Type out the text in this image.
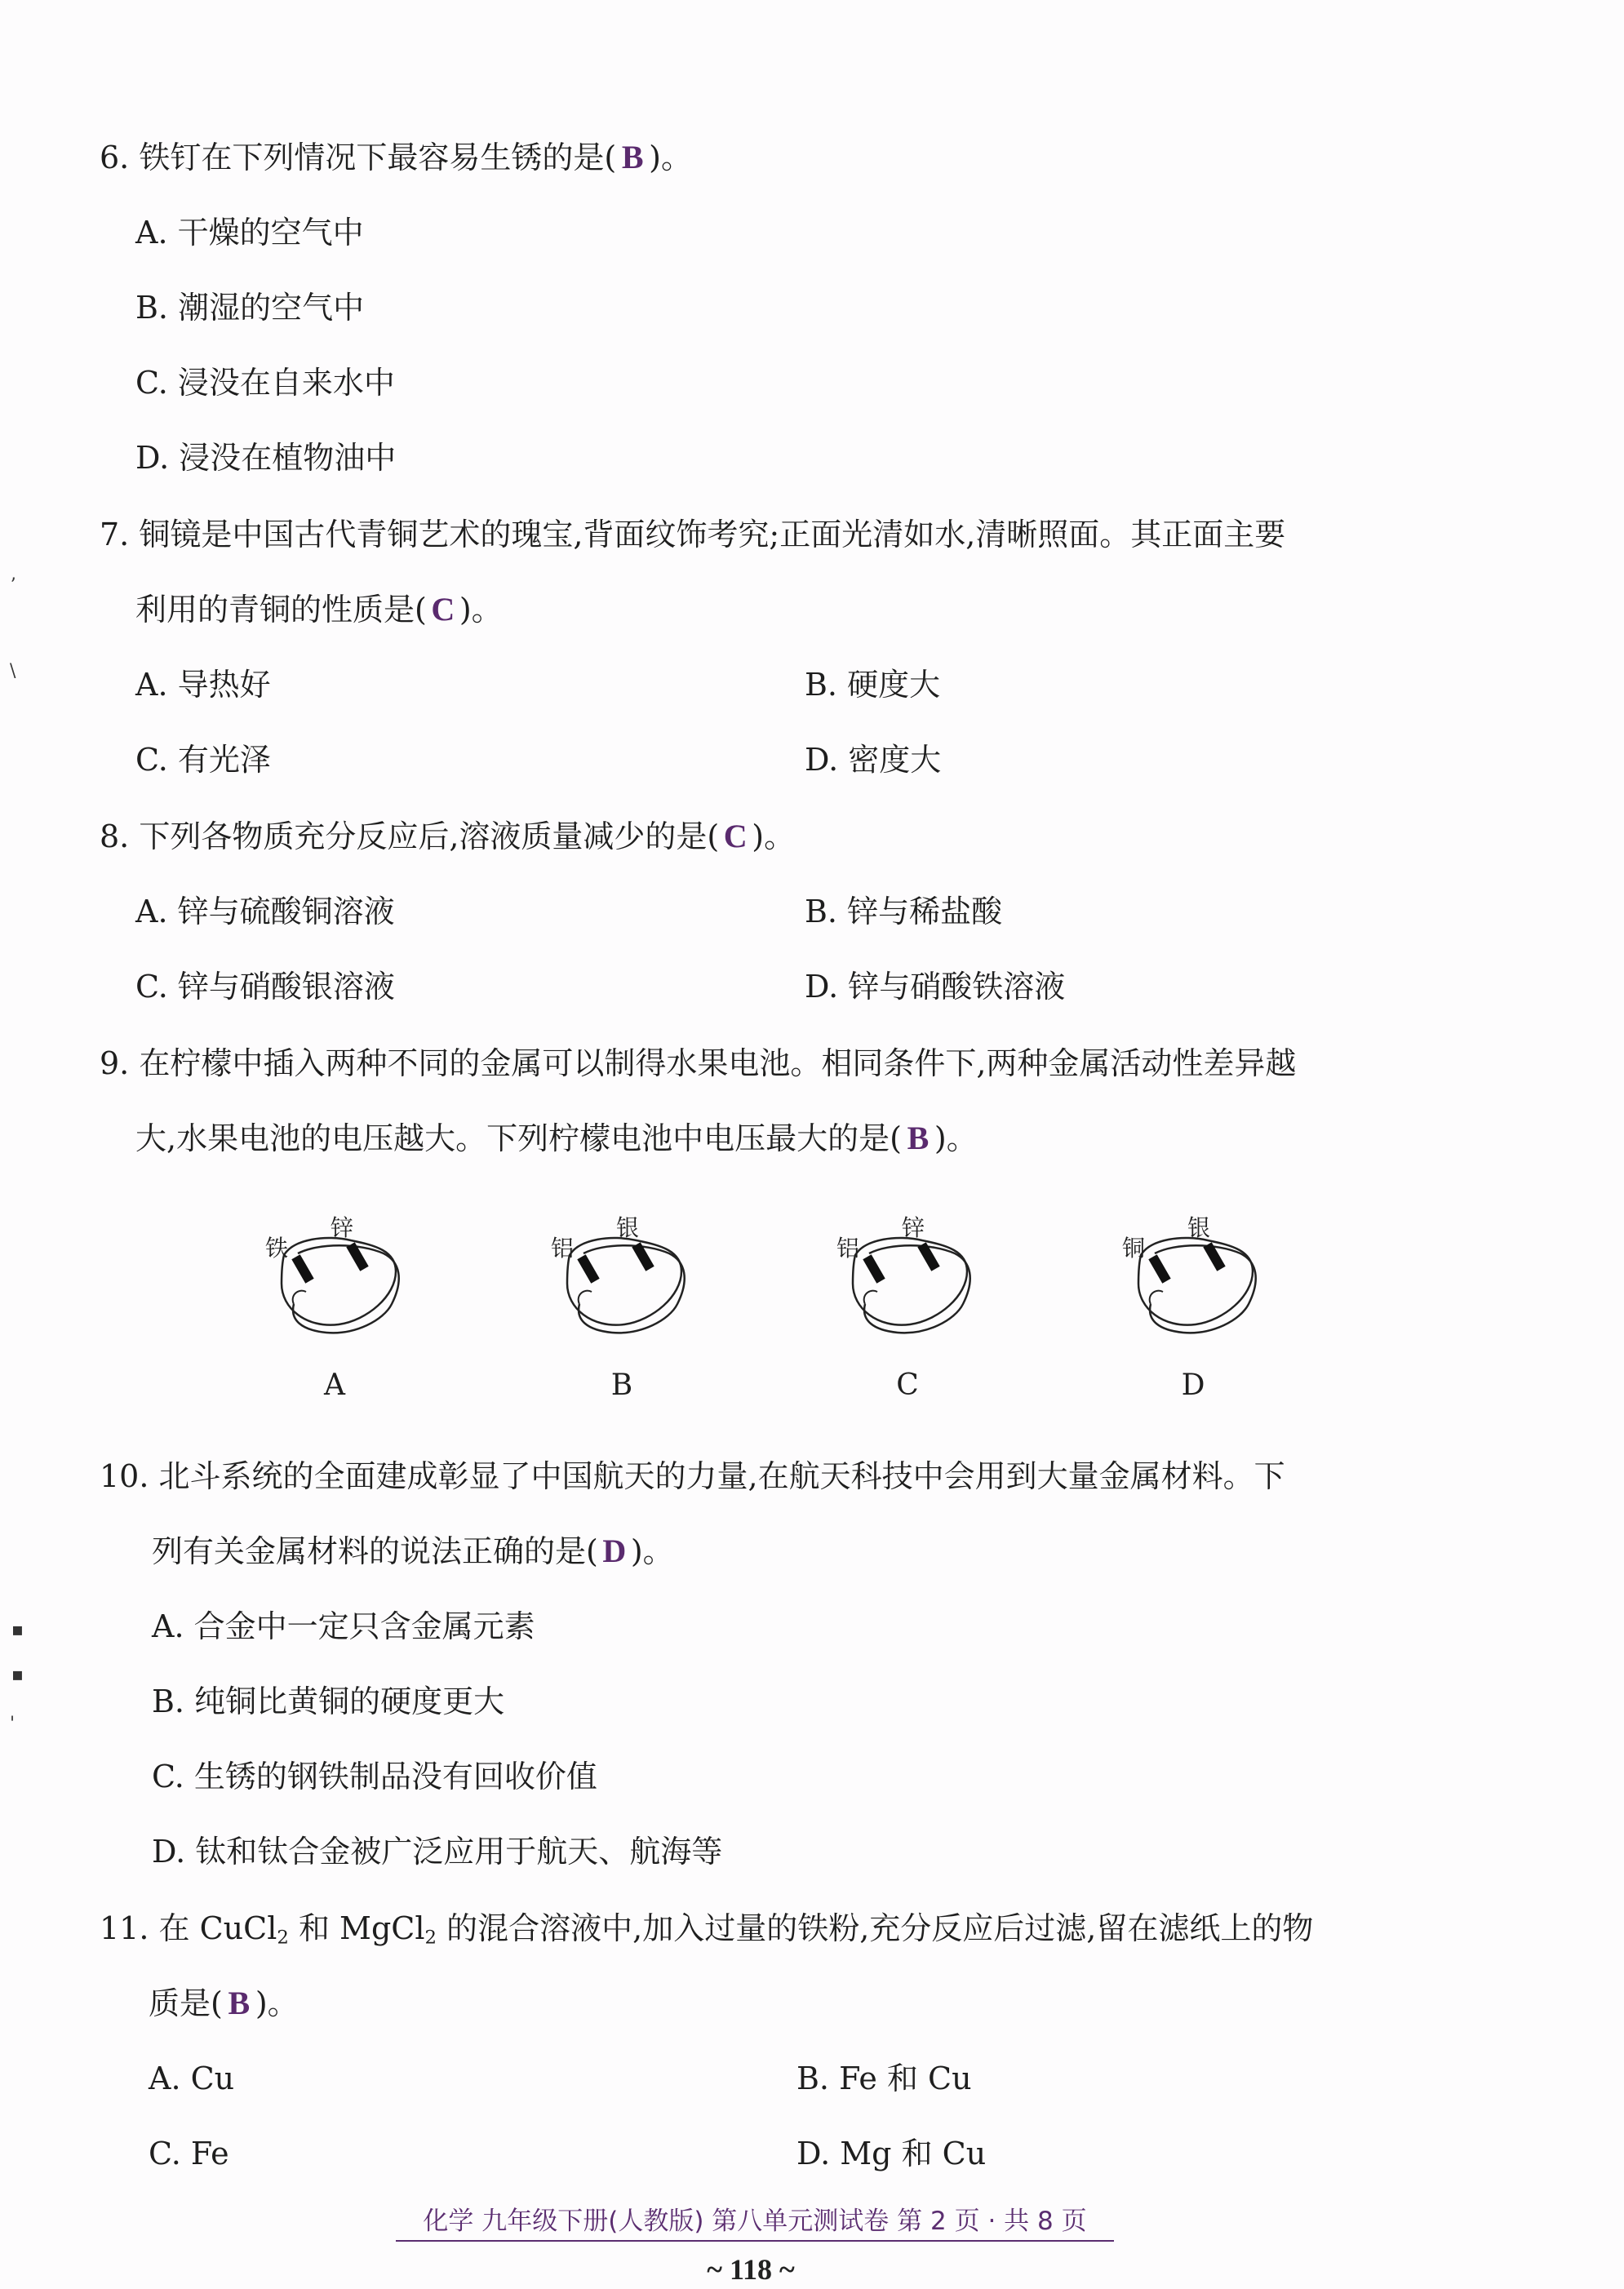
ʼ
\
▪
▪
'
6. 铁钉在下列情况下最容易生锈的是( B )。
A. 干燥的空气中
B. 潮湿的空气中
C. 浸没在自来水中
D. 浸没在植物油中
7. 铜镜是中国古代青铜艺术的瑰宝,背面纹饰考究;正面光清如水,清晰照面。其正面主要
利用的青铜的性质是( C )。
A. 导热好	B. 硬度大
C. 有光泽	D. 密度大
8. 下列各物质充分反应后,溶液质量减少的是( C )。
A. 锌与硫酸铜溶液	B. 锌与稀盐酸
C. 锌与硝酸银溶液	D. 锌与硝酸铁溶液
9. 在柠檬中插入两种不同的金属可以制得水果电池。相同条件下,两种金属活动性差异越
大,水果电池的电压越大。下列柠檬电池中电压最大的是( B )。
铁
锌
A
铝
银
B
铝
锌
C
铜
银
D
10. 北斗系统的全面建成彰显了中国航天的力量,在航天科技中会用到大量金属材料。下
列有关金属材料的说法正确的是( D )。
A. 合金中一定只含金属元素
B. 纯铜比黄铜的硬度更大
C. 生锈的钢铁制品没有回收价值
D. 钛和钛合金被广泛应用于航天、航海等
11. 在 CuCl$_2$ 和 MgCl$_2$ 的混合溶液中,加入过量的铁粉,充分反应后过滤,留在滤纸上的物
质是( B )。
A. Cu	B. Fe 和 Cu
C. Fe	D. Mg 和 Cu
化学 九年级下册(人教版) 第八单元测试卷 第 2 页 · 共 8 页
~ 118 ~
